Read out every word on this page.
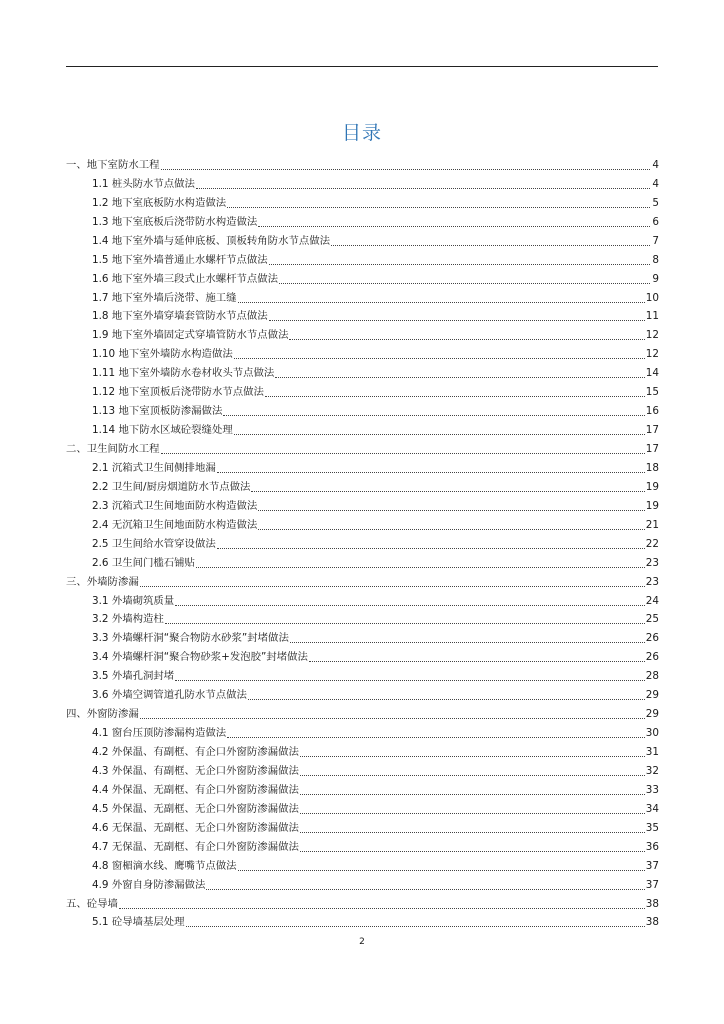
目录
一、地下室防水工程	4
1.1 桩头防水节点做法	4
1.2 地下室底板防水构造做法	5
1.3 地下室底板后浇带防水构造做法	6
1.4 地下室外墙与延伸底板、顶板转角防水节点做法	7
1.5 地下室外墙普通止水螺杆节点做法	8
1.6 地下室外墙三段式止水螺杆节点做法	9
1.7 地下室外墙后浇带、施工缝	10
1.8 地下室外墙穿墙套管防水节点做法	11
1.9 地下室外墙固定式穿墙管防水节点做法	12
1.10 地下室外墙防水构造做法	12
1.11 地下室外墙防水卷材收头节点做法	14
1.12 地下室顶板后浇带防水节点做法	15
1.13 地下室顶板防渗漏做法	16
1.14 地下防水区域砼裂缝处理	17
二、卫生间防水工程	17
2.1 沉箱式卫生间侧排地漏	18
2.2 卫生间/厨房烟道防水节点做法	19
2.3 沉箱式卫生间地面防水构造做法	19
2.4 无沉箱卫生间地面防水构造做法	21
2.5 卫生间给水管穿设做法	22
2.6 卫生间门槛石铺贴	23
三、外墙防渗漏	23
3.1 外墙砌筑质量	24
3.2 外墙构造柱	25
3.3 外墙螺杆洞“聚合物防水砂浆”封堵做法	26
3.4 外墙螺杆洞“聚合物砂浆+发泡胶”封堵做法	26
3.5 外墙孔洞封堵	28
3.6 外墙空调管道孔防水节点做法	29
四、外窗防渗漏	29
4.1 窗台压顶防渗漏构造做法	30
4.2 外保温、有副框、有企口外窗防渗漏做法	31
4.3 外保温、有副框、无企口外窗防渗漏做法	32
4.4 外保温、无副框、有企口外窗防渗漏做法	33
4.5 外保温、无副框、无企口外窗防渗漏做法	34
4.6 无保温、无副框、无企口外窗防渗漏做法	35
4.7 无保温、无副框、有企口外窗防渗漏做法	36
4.8 窗楣滴水线、鹰嘴节点做法	37
4.9 外窗自身防渗漏做法	37
五、砼导墙	38
5.1 砼导墙基层处理	38
2
